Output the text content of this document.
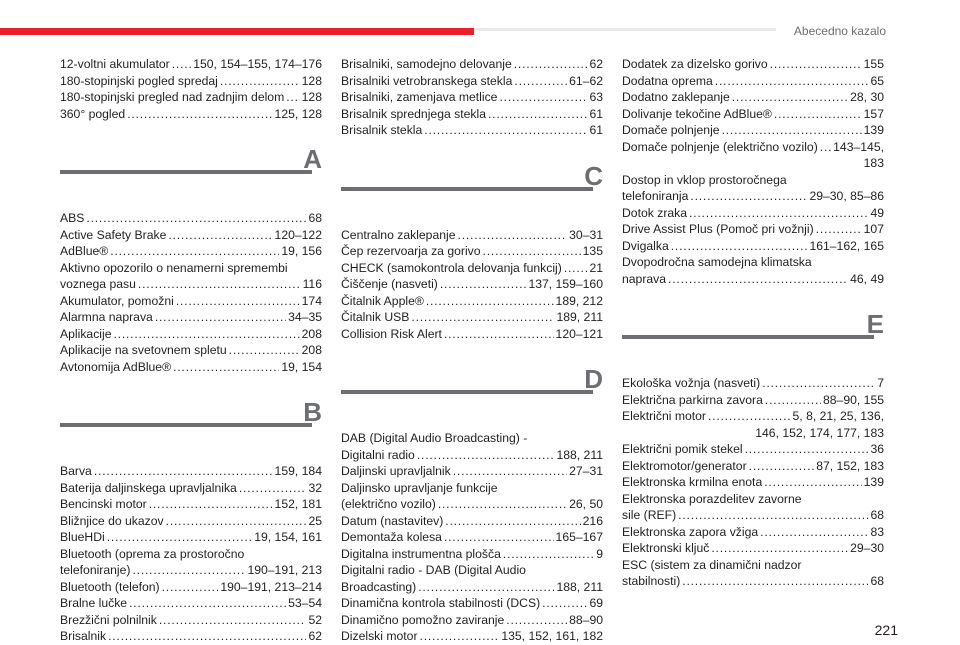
Abecedno kazalo
12-voltni akumulator . . . 150, 154–155, 174–176
180-stopinjski pogled spredaj . . .	128
180-stopinjski pregled nad zadnjim delom . . . 128
360° pogled . . .	125, 128
A
ABS . . .	68
Active Safety Brake . . .	120–122
AdBlue® . . .	19, 156
Aktivno opozorilo o nenamerni spremembi
voznega pasu . . .	116
Akumulator, pomožni . . .	174
Alarmna naprava . . .	34–35
Aplikacije . . .	208
Aplikacije na svetovnem spletu . . .	208
Avtonomija AdBlue® . . .	19, 154
B
Barva . . .	159, 184
Baterija daljinskega upravljalnika . . .	32
Bencinski motor . . .	152, 181
Bližnjice do ukazov . . .	25
BlueHDi . . .	19, 154, 161
Bluetooth (oprema za prostoročno
telefoniranje) . . .	190–191, 213
Bluetooth (telefon) . . .	190–191, 213–214
Bralne lučke . . .	53–54
Brezžični polnilnik . . .	52
Brisalnik . . .	62
Brisalniki, samodejno delovanje . . .	62
Brisalniki vetrobranskega stekla . . .	61–62
Brisalniki, zamenjava metlice . . .	63
Brisalnik sprednjega stekla . . .	61
Brisalnik stekla . . .	61
C
Centralno zaklepanje . . .	30–31
Čep rezervoarja za gorivo . . .	135
CHECK (samokontrola delovanja funkcij) . . . 21
Čiščenje (nasveti) . . .	137, 159–160
Čitalnik Apple® . . .	189, 212
Čitalnik USB . . .	189, 211
Collision Risk Alert . . .	120–121
D
DAB (Digital Audio Broadcasting) -
Digitalni radio . . .	188, 211
Daljinski upravljalnik . . .	27–31
Daljinsko upravljanje funkcije
(električno vozilo) . . .	26, 50
Datum (nastavitev) . . .	216
Demontaža kolesa . . .	165–167
Digitalna instrumentna plošča . . .	9
Digitalni radio - DAB (Digital Audio
Broadcasting) . . .	188, 211
Dinamična kontrola stabilnosti (DCS) . . .	69
Dinamično pomožno zaviranje . . .	88–90
Dizelski motor . . .	135, 152, 161, 182
Dodatek za dizelsko gorivo . . .	155
Dodatna oprema . . .	65
Dodatno zaklepanje . . .	28, 30
Dolivanje tekočine AdBlue® . . .	157
Domače polnjenje . . .	139
Domače polnjenje (električno vozilo) . . . 143–145,
183
Dostop in vklop prostoročnega
telefoniranja . . .	29–30, 85–86
Dotok zraka . . .	49
Drive Assist Plus (Pomoč pri vožnji) . . .	107
Dvigalka . . .	161–162, 165
Dvopodročna samodejna klimatska
naprava . . .	46, 49
E
Ekološka vožnja (nasveti) . . .	7
Električna parkirna zavora . . .	88–90, 155
Električni motor . . .	5, 8, 21, 25, 136,
146, 152, 174, 177, 183
Električni pomik stekel . . .	36
Elektromotor/generator . . .	87, 152, 183
Elektronska krmilna enota . . .	139
Elektronska porazdelitev zavorne
sile (REF) . . .	68
Elektronska zapora vžiga . . .	83
Elektronski ključ . . .	29–30
ESC (sistem za dinamični nadzor
stabilnosti) . . .	68
221
